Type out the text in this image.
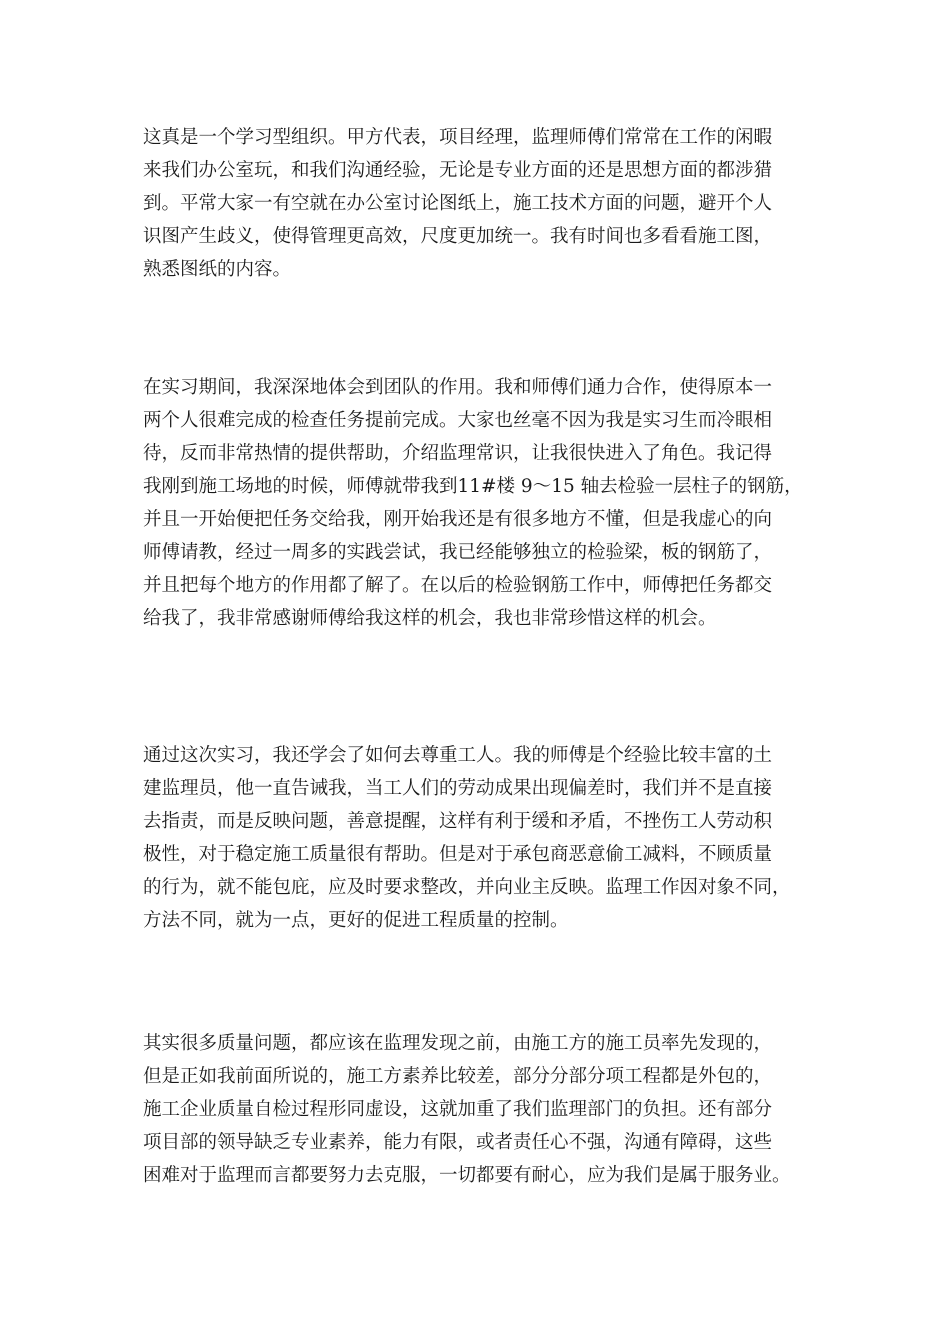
这真是一个学习型组织。甲方代表，项目经理，监理师傅们常常在工作的闲暇
来我们办公室玩，和我们沟通经验，无论是专业方面的还是思想方面的都涉猎
到。平常大家一有空就在办公室讨论图纸上，施工技术方面的问题，避开个人
识图产生歧义，使得管理更高效，尺度更加统一。我有时间也多看看施工图，
熟悉图纸的内容。
在实习期间，我深深地体会到团队的作用。我和师傅们通力合作，使得原本一
两个人很难完成的检查任务提前完成。大家也丝毫不因为我是实习生而冷眼相
待，反而非常热情的提供帮助，介绍监理常识，让我很快进入了角色。我记得
我刚到施工场地的时候，师傅就带我到11#楼 9～15 轴去检验一层柱子的钢筋，
并且一开始便把任务交给我，刚开始我还是有很多地方不懂，但是我虚心的向
师傅请教，经过一周多的实践尝试，我已经能够独立的检验梁，板的钢筋了，
并且把每个地方的作用都了解了。在以后的检验钢筋工作中，师傅把任务都交
给我了，我非常感谢师傅给我这样的机会，我也非常珍惜这样的机会。
通过这次实习，我还学会了如何去尊重工人。我的师傅是个经验比较丰富的土
建监理员，他一直告诫我，当工人们的劳动成果出现偏差时，我们并不是直接
去指责，而是反映问题，善意提醒，这样有利于缓和矛盾，不挫伤工人劳动积
极性，对于稳定施工质量很有帮助。但是对于承包商恶意偷工减料，不顾质量
的行为，就不能包庇，应及时要求整改，并向业主反映。监理工作因对象不同，
方法不同，就为一点，更好的促进工程质量的控制。
其实很多质量问题，都应该在监理发现之前，由施工方的施工员率先发现的，
但是正如我前面所说的，施工方素养比较差，部分分部分项工程都是外包的，
施工企业质量自检过程形同虚设，这就加重了我们监理部门的负担。还有部分
项目部的领导缺乏专业素养，能力有限，或者责任心不强，沟通有障碍，这些
困难对于监理而言都要努力去克服，一切都要有耐心，应为我们是属于服务业。
